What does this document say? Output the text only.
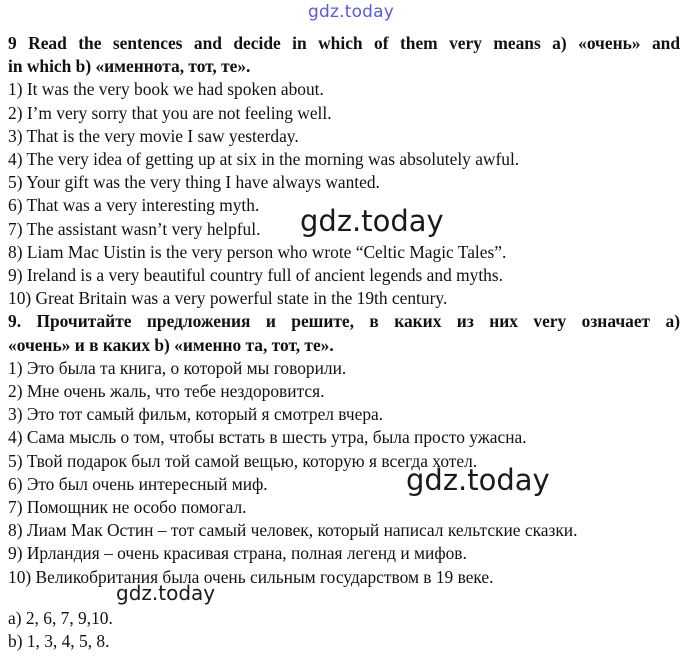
gdz.today
9 Read the sentences and decide in which of them very means a) «очень» and
in which b) «именнота, тот, те».
1) It was the very book we had spoken about.
2) I’m very sorry that you are not feeling well.
3) That is the very movie I saw yesterday.
4) The very idea of getting up at six in the morning was absolutely awful.
5) Your gift was the very thing I have always wanted.
6) That was a very interesting myth.
7) The assistant wasn’t very helpful.
8) Liam Mac Uistin is the very person who wrote “Celtic Magic Tales”.
9) Ireland is a very beautiful country full of ancient legends and myths.
10) Great Britain was a very powerful state in the 19th century.
9. Прочитайте предложения и решите, в каких из них very означает a)
«очень» и в каких b) «именно та, тот, те».
1) Это была та книга, о которой мы говорили.
2) Мне очень жаль, что тебе нездоровится.
3) Это тот самый фильм, который я смотрел вчера.
4) Сама мысль о том, чтобы встать в шесть утра, была просто ужасна.
5) Твой подарок был той самой вещью, которую я всегда хотел.
6) Это был очень интересный миф.
7) Помощник не особо помогал.
8) Лиам Мак Остин – тот самый человек, который написал кельтские сказки.
9) Ирландия – очень красивая страна, полная легенд и мифов.
10) Великобритания была очень сильным государством в 19 веке.
a) 2, 6, 7, 9,10.
b) 1, 3, 4, 5, 8.
gdz.today
gdz.today
gdz.today
